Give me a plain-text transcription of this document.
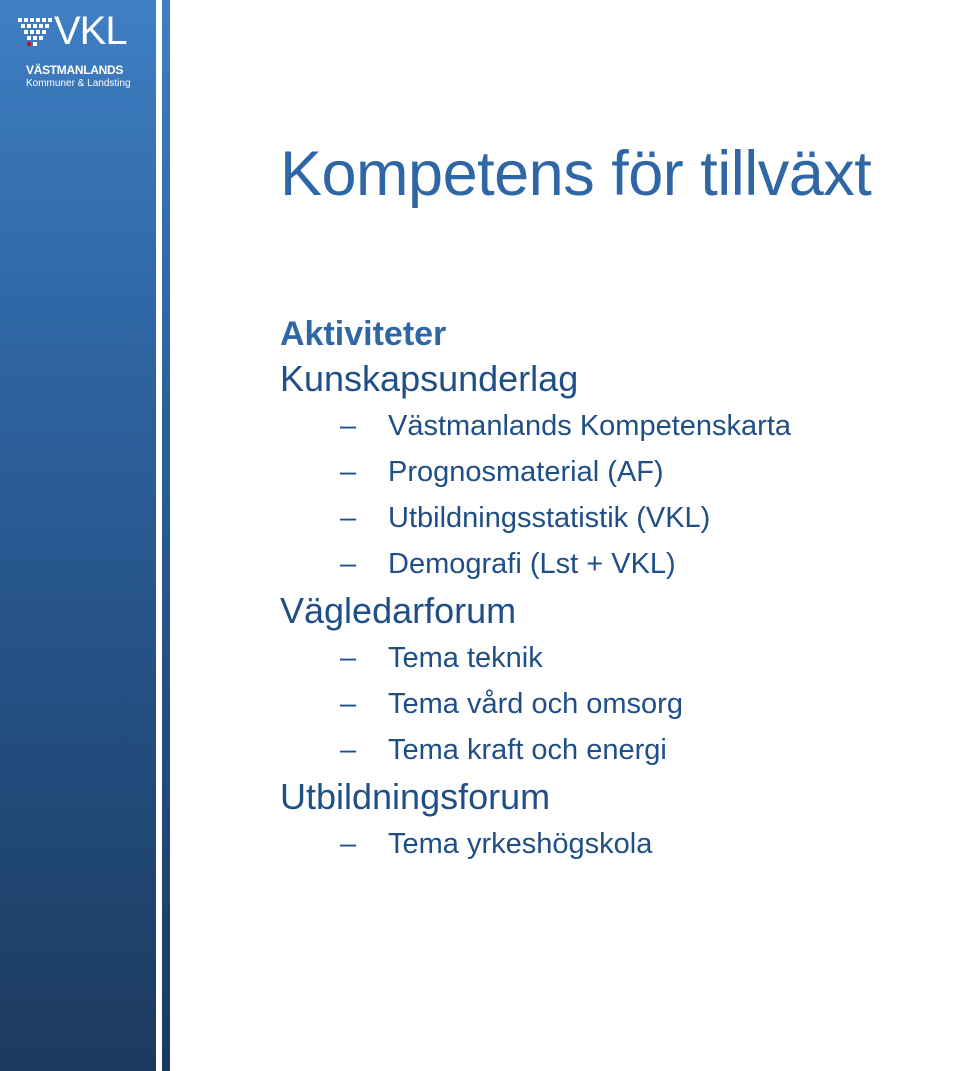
VKL
VÄSTMANLANDS
Kommuner & Landsting
Kompetens för tillväxt

Aktiviteter

Kunskapsunderlag

– Västmanlands Kompetenskarta

– Prognosmaterial (AF)

– Utbildningsstatistik (VKL)

– Demografi (Lst + VKL)

Vägledarforum

– Tema teknik

– Tema vård och omsorg

– Tema kraft och energi

Utbildningsforum

– Tema yrkeshögskola
